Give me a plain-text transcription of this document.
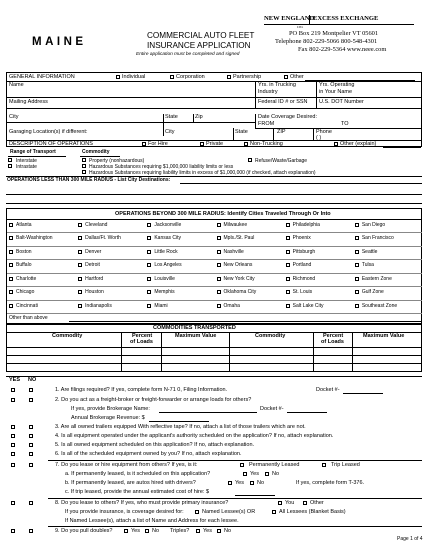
MAINE
COMMERCIAL AUTO FLEET
INSURANCE APPLICATION
Entire application must be completed and signed
NEW ENGLAND
EXCESS EXCHANGE
LTD.
PO Box 219 Montpelier VT 05601
Telephone 802-229-5066 800-548-4301
Fax 802-229-5364 www.neee.com
GENERAL INFORMATION	Individual	Corporation	Partnership	Other
Name	Yrs. in Trucking
Industry
Yrs. Operating
in Your Name
Mailing Address	Federal ID # or SSN U.S. DOT Number
City	State	Zip	Date Coverage Desired:
FROM	TO
Garaging Location(s) if different:	City	State	ZIP	Phone
( )
DESCRIPTION OF OPERATIONS	For Hire	Private	Non-Trucking	Other (explain)
Range of Transport	Commodity
Interstate
Intrastate
Property (nonhazardous)	Refuse/Waste/Garbage
Hazardous Substances requiring $1,000,000 liability limits or less
Hazardous Substances requiring liability limits in excess of $1,000,000 (if checked, attach explanation)
OPERATIONS LESS THAN 300 MILE RADIUS - List City Destinations:
OPERATIONS BEYOND 300 MILE RADIUS: Identify Cities Traveled Through Or Into
Atlanta	Cleveland	Jacksonville	Milwaukee	Philadelphia	San Diego
Balt-Washington	Dallas/Ft. Worth	Kansas City	Mpls./St. Paul	Phoenix	San Francisco
Boston	Denver	Little Rock	Nashville	Pittsburgh	Seattle
Buffalo	Detroit	Los Angeles	New Orleans	Portland	Tulsa
Charlotte	Hartford	Louisville	New York City	Richmond	Eastern Zone
Chicago	Houston	Memphis	Oklahoma City	St. Louis	Gulf Zone
Cincinnati	Indianapolis	Miami	Omaha	Salt Lake City	Southeast Zone
Other than above
COMMODITIES TRANSPORTED
Commodity	Percent
of Loads
Maximum Value	Commodity	Percent
of Loads
Maximum Value
YES NO
1. Are filings required? If yes, complete form N-71 0, Filing Information.	Docket #-
2. Do you act as a freight-broker or freight-forwarder or arrange loads for others?
If yes, provide Brokerage Name:	Docket #-
Annual Brokerage Revenue: $
3. Are all owned trailers equipped With reflective tape? If no, attach a list of those trailers which are not.
4. Is all equipment operated under the applicant's authority scheduled on the application? If no, attach explanation.
5. Is all owned equipment scheduled on this application? If no, attach explanation.
6. Is all of the scheduled equipment owned by you? If no, attach explanation.
7. Do you lease or hire equipment from others? If yes, is it:	Permanently Leased	Trip Leased
a. If permanently leased, is it scheduled on this application?	Yes No
b. If permanently leased, are autos hired with drivers?	Yes No	If yes, complete form T-376.
c. If trip leased, provide the annual estimated cost of hire: $
8. Do you lease to others? If yes, who must provide primary insurance?	You	Other
If you provide insurance, is coverage desired for:	Named Lessee(s) OR	All Lessees (Blanket Basis)
If Named Lessee(s), attach a list of Name and Address for each lessee.
9. Do you pull doubles?	Yes No Triples? Yes No
Page 1 of 4
